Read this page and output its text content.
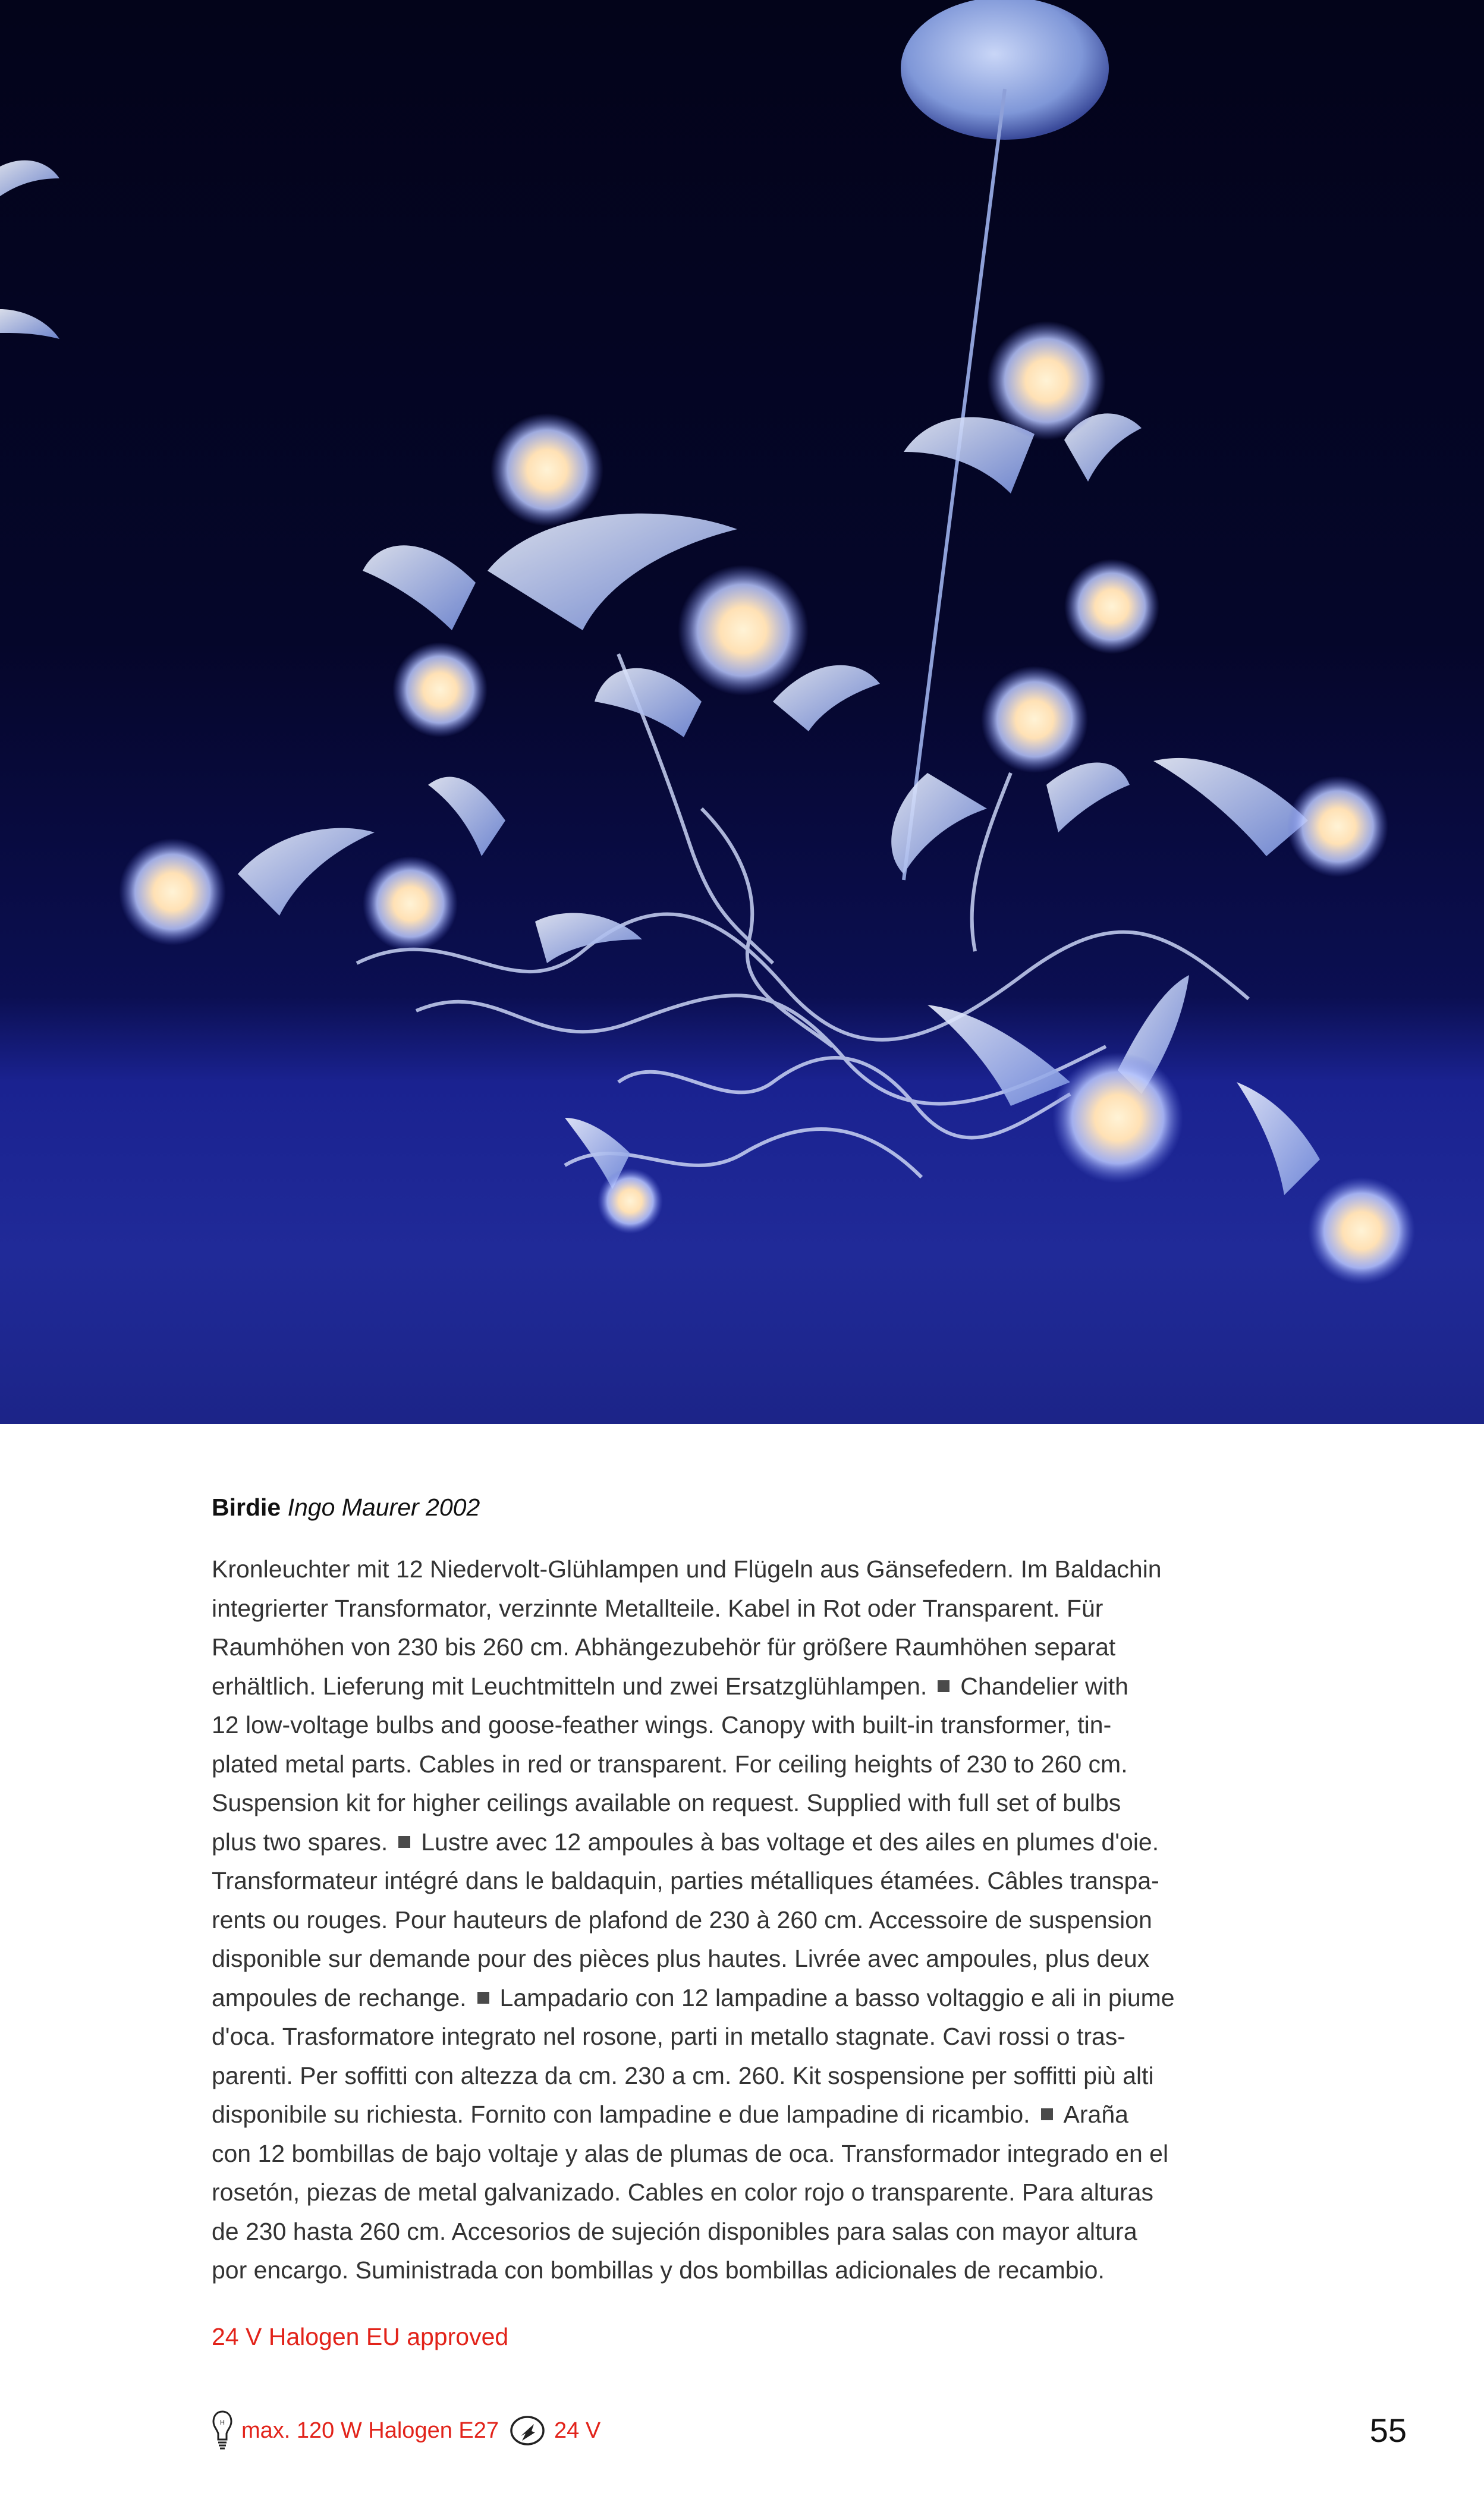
Birdie Ingo Maurer 2002
Kronleuchter mit 12 Niedervolt-Glühlampen und Flügeln aus Gänsefedern. Im Baldachin
integrierter Transformator, verzinnte Metallteile. Kabel in Rot oder Transparent. Für
Raumhöhen von 230 bis 260 cm. Abhängezubehör für größere Raumhöhen separat
erhältlich. Lieferung mit Leuchtmitteln und zwei Ersatzglühlampen. Chandelier with
12 low-voltage bulbs and goose-feather wings. Canopy with built-in transformer, tin-
plated metal parts. Cables in red or transparent. For ceiling heights of 230 to 260 cm.
Suspension kit for higher ceilings available on request. Supplied with full set of bulbs
plus two spares. Lustre avec 12 ampoules à bas voltage et des ailes en plumes d'oie.
Transformateur intégré dans le baldaquin, parties métalliques étamées. Câbles transpa-
rents ou rouges. Pour hauteurs de plafond de 230 à 260 cm. Accessoire de suspension
disponible sur demande pour des pièces plus hautes. Livrée avec ampoules, plus deux
ampoules de rechange. Lampadario con 12 lampadine a basso voltaggio e ali in piume
d'oca. Trasformatore integrato nel rosone, parti in metallo stagnate. Cavi rossi o tras-
parenti. Per soffitti con altezza da cm. 230 a cm. 260. Kit sospensione per soffitti più alti
disponibile su richiesta. Fornito con lampadine e due lampadine di ricambio. Araña
con 12 bombillas de bajo voltaje y alas de plumas de oca. Transformador integrado en el
rosetón, piezas de metal galvanizado. Cables en color rojo o transparente. Para alturas
de 230 hasta 260 cm. Accesorios de sujeción disponibles para salas con mayor altura
por encargo. Suministrada con bombillas y dos bombillas adicionales de recambio.
24 V Halogen EU approved
H max. 120 W Halogen E27 24 V	55
